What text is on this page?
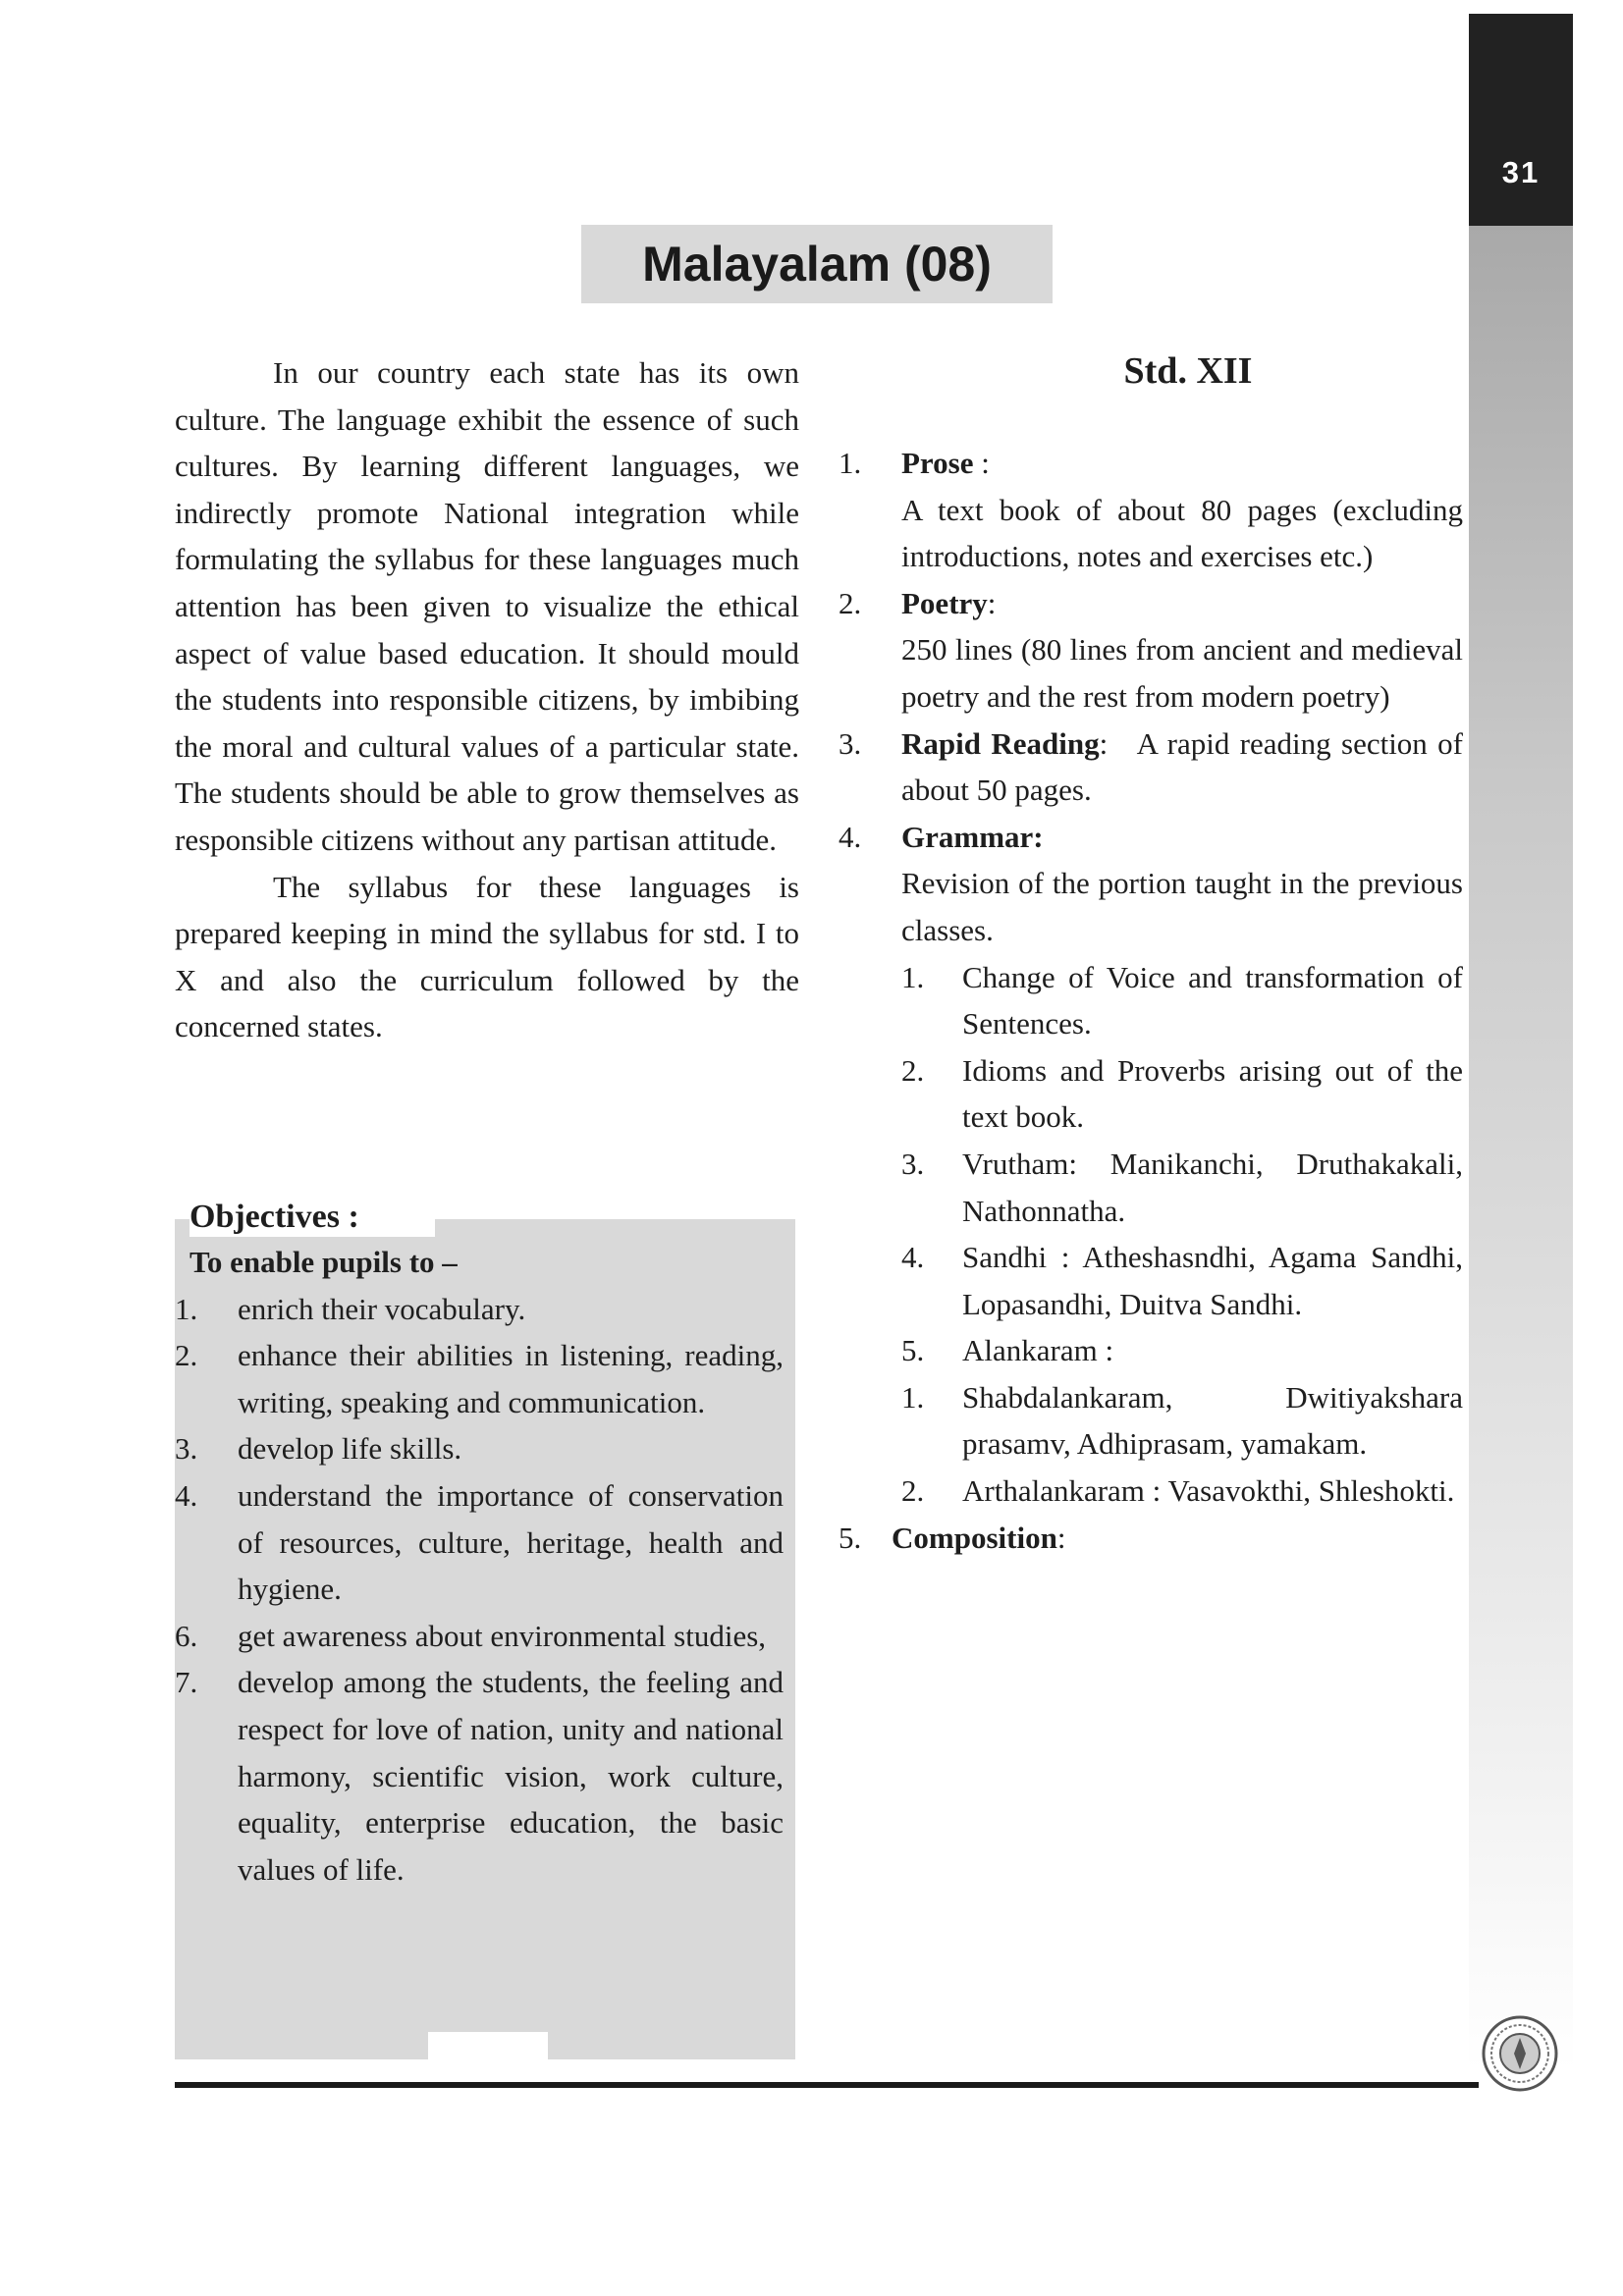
31
Malayalam (08)

In our country each state has its own culture. The language exhibit the essence of such cultures. By learning different languages, we indirectly promote National integration while formulating the syllabus for these languages much attention has been given to visualize the ethical aspect of value based education. It should mould the students into responsible citizens, by imbibing the moral and cultural values of a particular state. The students should be able to grow themselves as responsible citizens without any partisan attitude.

The syllabus for these languages is prepared keeping in mind the syllabus for std. I to X and also the curriculum followed by the concerned states.

Objectives :

To enable pupils to –

1.	enrich their vocabulary.
2.	enhance their abilities in listening, reading, writing, speaking and communication.
3.	develop life skills.
4.	understand the importance of conservation of resources, culture, heritage, health and hygiene.
6.	get awareness about environmental studies,
7.	develop among the students, the feeling and respect for love of nation, unity and national harmony, scientific vision, work culture, equality, enterprise education, the basic values of life.
Std. XII
1.	Prose :
A text book of about 80 pages (excluding introductions, notes and exercises etc.)
2.	Poetry:
250 lines (80 lines from ancient and medieval poetry and the rest from modern poetry)
3.	Rapid Reading: A rapid reading section of about 50 pages.
4.	Grammar:
Revision of the portion taught in the previous classes.
1.	Change of Voice and transformation of Sentences.
2.	Idioms and Proverbs arising out of the text book.
3.	Vrutham: Manikanchi, Druthakakali, Nathonnatha.
4.	Sandhi : Atheshasndhi, Agama Sandhi, Lopasandhi, Duitva Sandhi.
5.	Alankaram :
1.	Shabdalankaram, Dwitiyakshara prasamv, Adhiprasam, yamakam.
2.	Arthalankaram : Vasavokthi, Shleshokti.
5. Composition:
